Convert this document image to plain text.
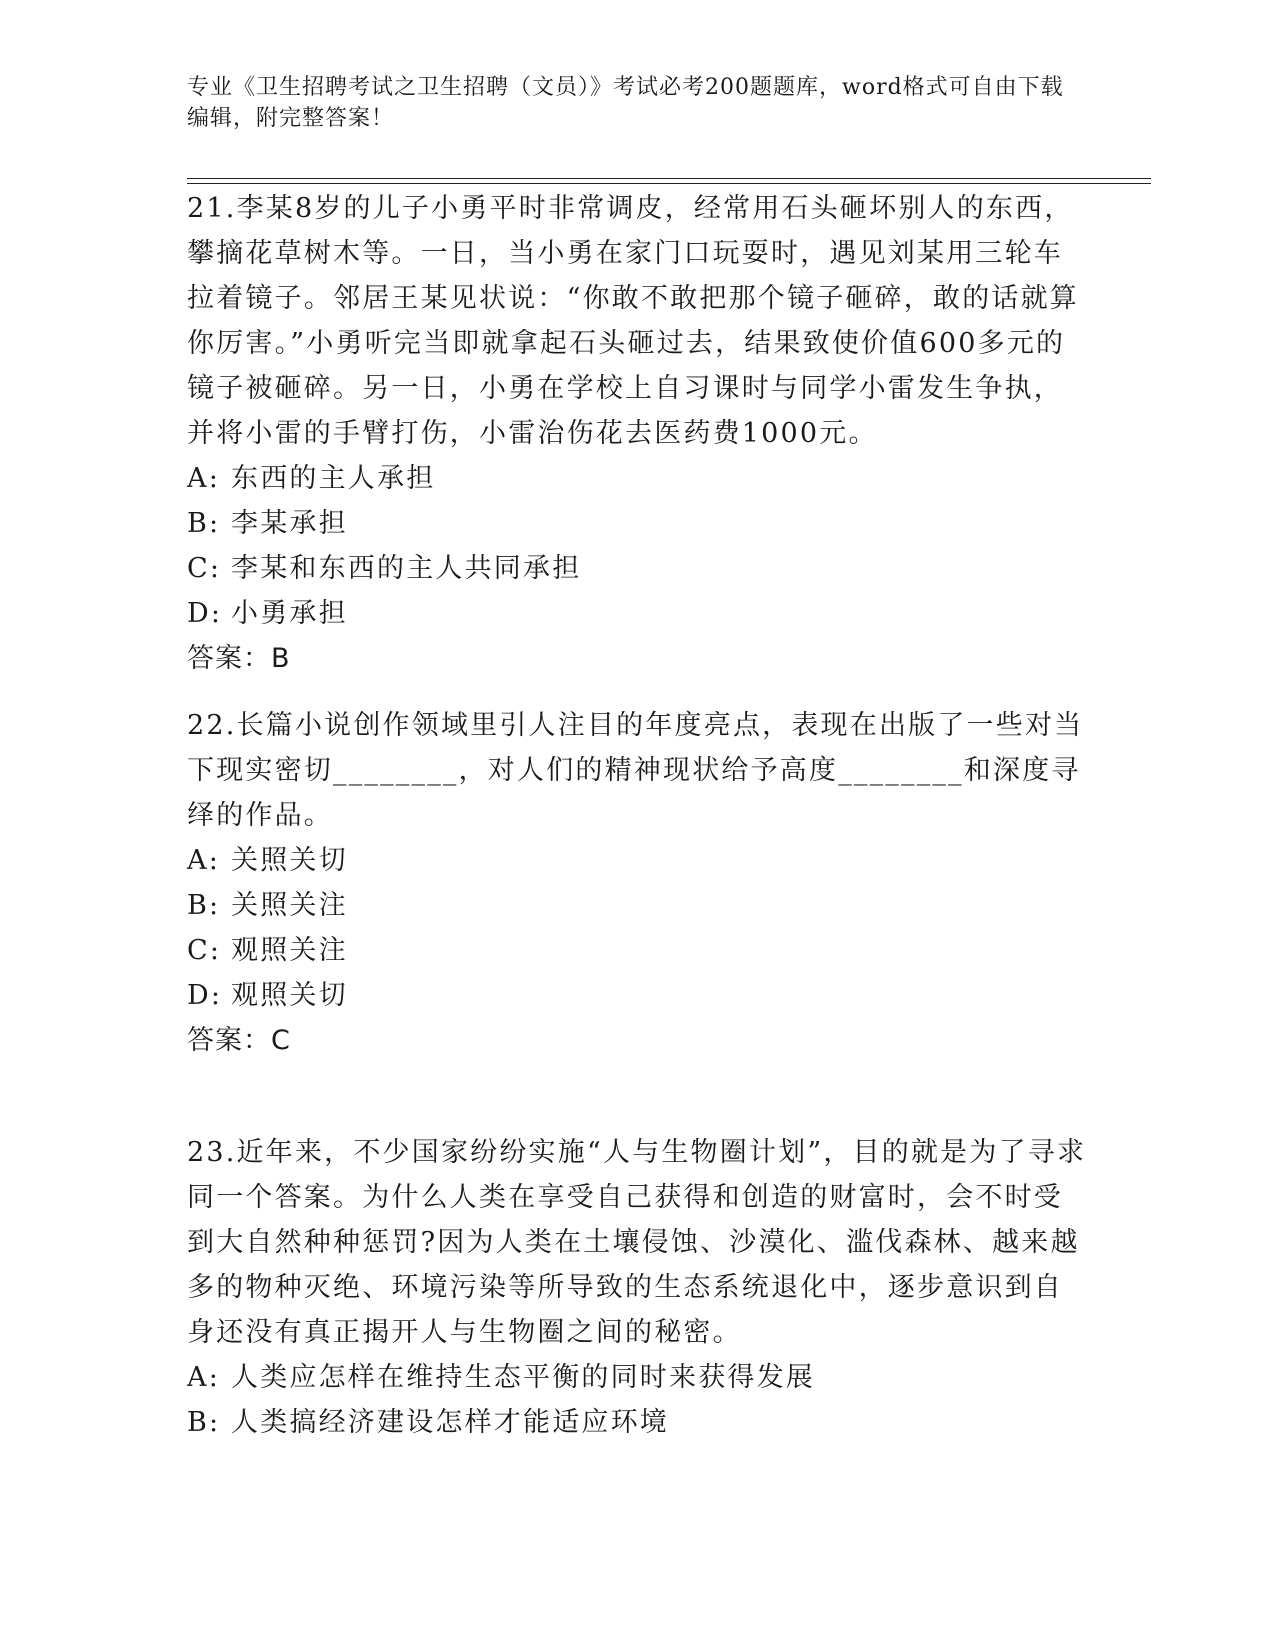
专业《卫生招聘考试之卫生招聘（文员）》考试必考200题题库，word格式可自由下载编辑，附完整答案！

21.李某8岁的儿子小勇平时非常调皮，经常用石头砸坏别人的东西，攀摘花草树木等。一日，当小勇在家门口玩耍时，遇见刘某用三轮车拉着镜子。邻居王某见状说：“你敢不敢把那个镜子砸碎，敢的话就算你厉害。”小勇听完当即就拿起石头砸过去，结果致使价值600多元的镜子被砸碎。另一日，小勇在学校上自习课时与同学小雷发生争执，并将小雷的手臂打伤，小雷治伤花去医药费1000元。

A: 东西的主人承担

B: 李某承担

C: 李某和东西的主人共同承担

D: 小勇承担

答案：B

22.长篇小说创作领域里引人注目的年度亮点，表现在出版了一些对当下现实密切________，对人们的精神现状给予高度________和深度寻绎的作品。

A: 关照关切

B: 关照关注

C: 观照关注

D: 观照关切

答案：C

23.近年来，不少国家纷纷实施“人与生物圈计划”，目的就是为了寻求同一个答案。为什么人类在享受自己获得和创造的财富时，会不时受到大自然种种惩罚?因为人类在土壤侵蚀、沙漠化、滥伐森林、越来越多的物种灭绝、环境污染等所导致的生态系统退化中，逐步意识到自身还没有真正揭开人与生物圈之间的秘密。

A: 人类应怎样在维持生态平衡的同时来获得发展

B: 人类搞经济建设怎样才能适应环境
